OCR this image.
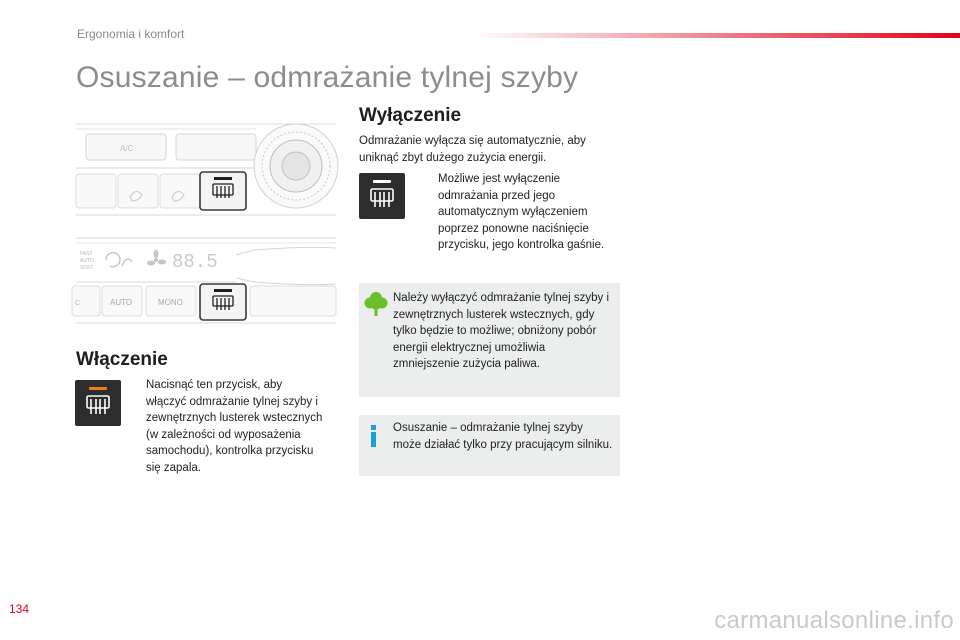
Ergonomia i komfort
Osuszanie – odmrażanie tylnej szyby
A/C
FAST
AUTO
SOFT	88.5
C	AUTO	MONO
Włączenie
Nacisnąć ten przycisk, aby włączyć odmrażanie tylnej szyby i zewnętrznych lusterek wstecznych (w zależności od wyposażenia samochodu), kontrolka przycisku się zapala.
Wyłączenie
Odmrażanie wyłącza się automatycznie, aby uniknąć zbyt dużego zużycia energii.
Możliwe jest wyłączenie odmrażania przed jego automatycznym wyłączeniem poprzez ponowne naciśnięcie przycisku, jego kontrolka gaśnie.
Należy wyłączyć odmrażanie tylnej szyby i zewnętrznych lusterek wstecznych, gdy tylko będzie to możliwe; obniżony pobór energii elektrycznej umożliwia zmniejszenie zużycia paliwa.
Osuszanie – odmrażanie tylnej szyby może działać tylko przy pracującym silniku.
134	carmanualsonline.info
